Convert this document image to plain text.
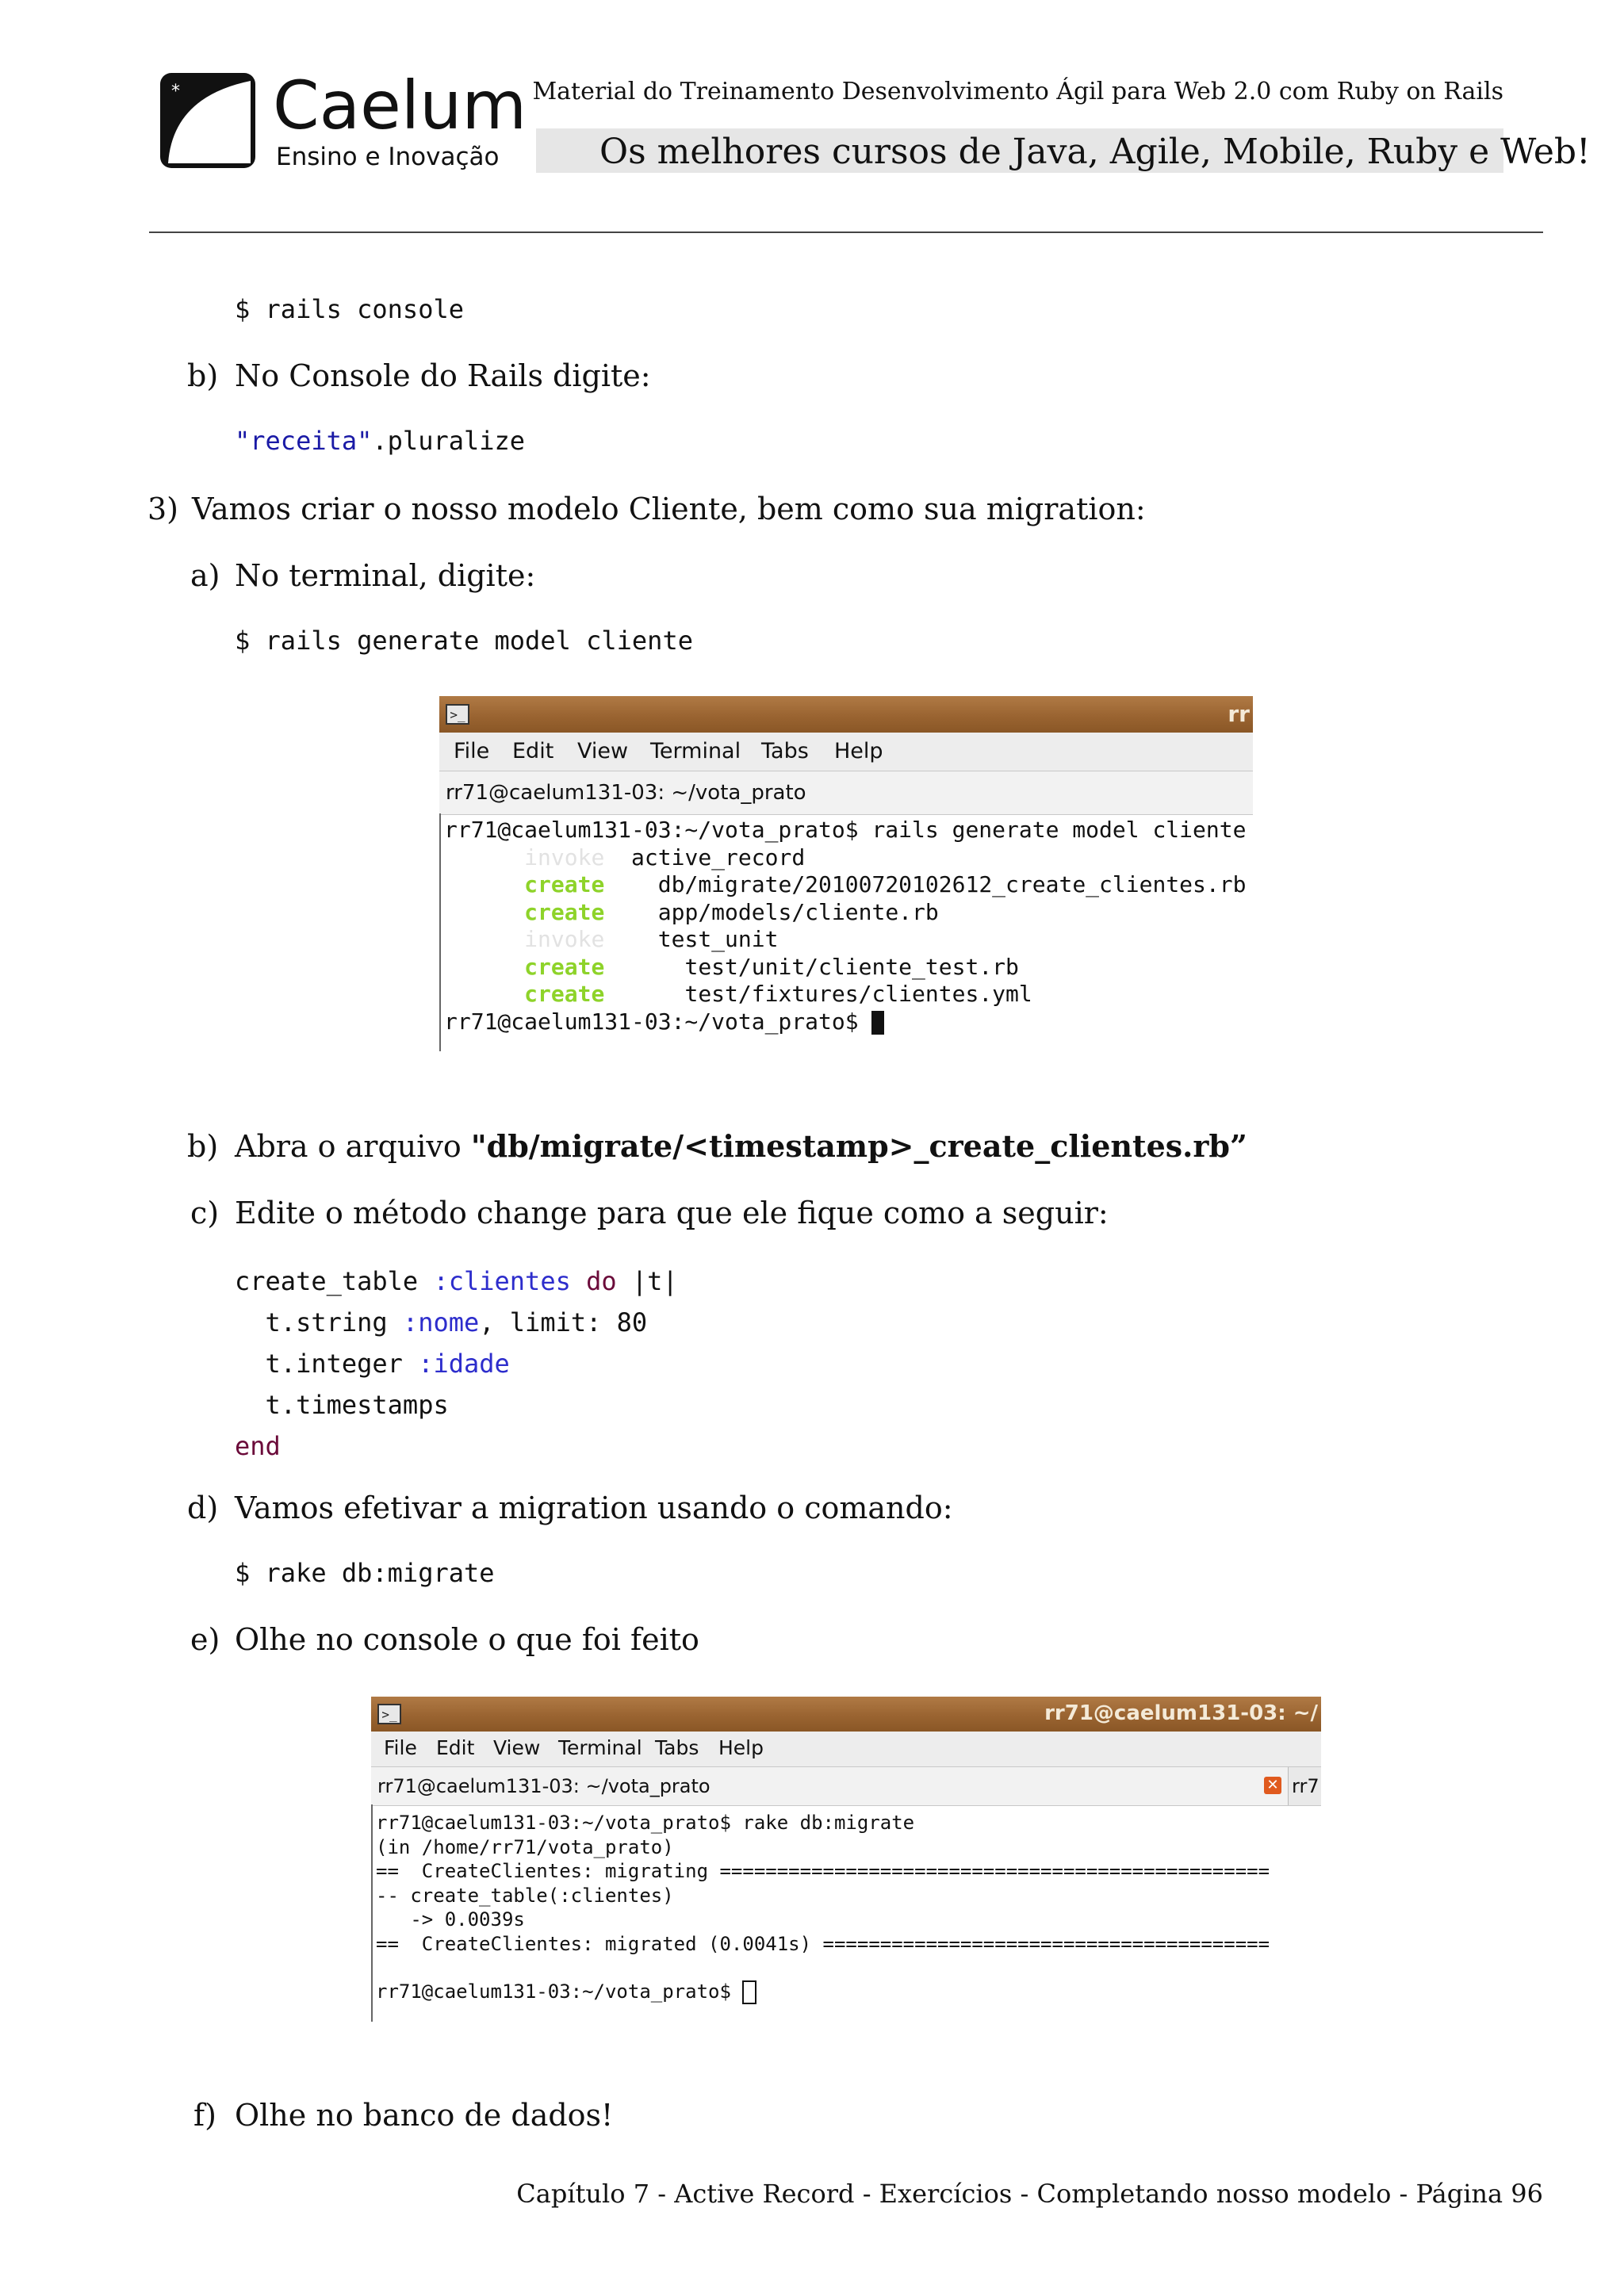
* Caelum
Ensino e Inovação
Material do Treinamento Desenvolvimento Ágil para Web 2.0 com Ruby on Rails
Os melhores cursos de Java, Agile, Mobile, Ruby e Web!
$ rails console
b) No Console do Rails digite:
"receita".pluralize
3) Vamos criar o nosso modelo Cliente, bem como sua migration:
a) No terminal, digite:
$ rails generate model cliente
>_	rr
File Edit View Terminal Tabs Help
rr71@caelum131-03: ~/vota_prato
rr71@caelum131-03:~/vota_prato$ rails generate model cliente
invoke  active_record
create    db/migrate/20100720102612_create_clientes.rb
create    app/models/cliente.rb
invoke    test_unit
create      test/unit/cliente_test.rb
create      test/fixtures/clientes.yml
rr71@caelum131-03:~/vota_prato$
b) Abra o arquivo "db/migrate/<timestamp>_create_clientes.rb”
c) Edite o método change para que ele fique como a seguir:
create_table :clientes do |t|
t.string :nome, limit: 80
t.integer :idade
t.timestamps
end
d) Vamos efetivar a migration usando o comando:
$ rake db:migrate
e) Olhe no console o que foi feito
>_	rr71@caelum131-03: ~/
File Edit View Terminal Tabs Help
rr71@caelum131-03: ~/vota_prato	✕ rr7
rr71@caelum131-03:~/vota_prato$ rake db:migrate
(in /home/rr71/vota_prato)
==  CreateClientes: migrating ================================================
-- create_table(:clientes)
-> 0.0039s
==  CreateClientes: migrated (0.0041s) =======================================
rr71@caelum131-03:~/vota_prato$
f) Olhe no banco de dados!
Capítulo 7 - Active Record - Exercícios - Completando nosso modelo - Página 96
